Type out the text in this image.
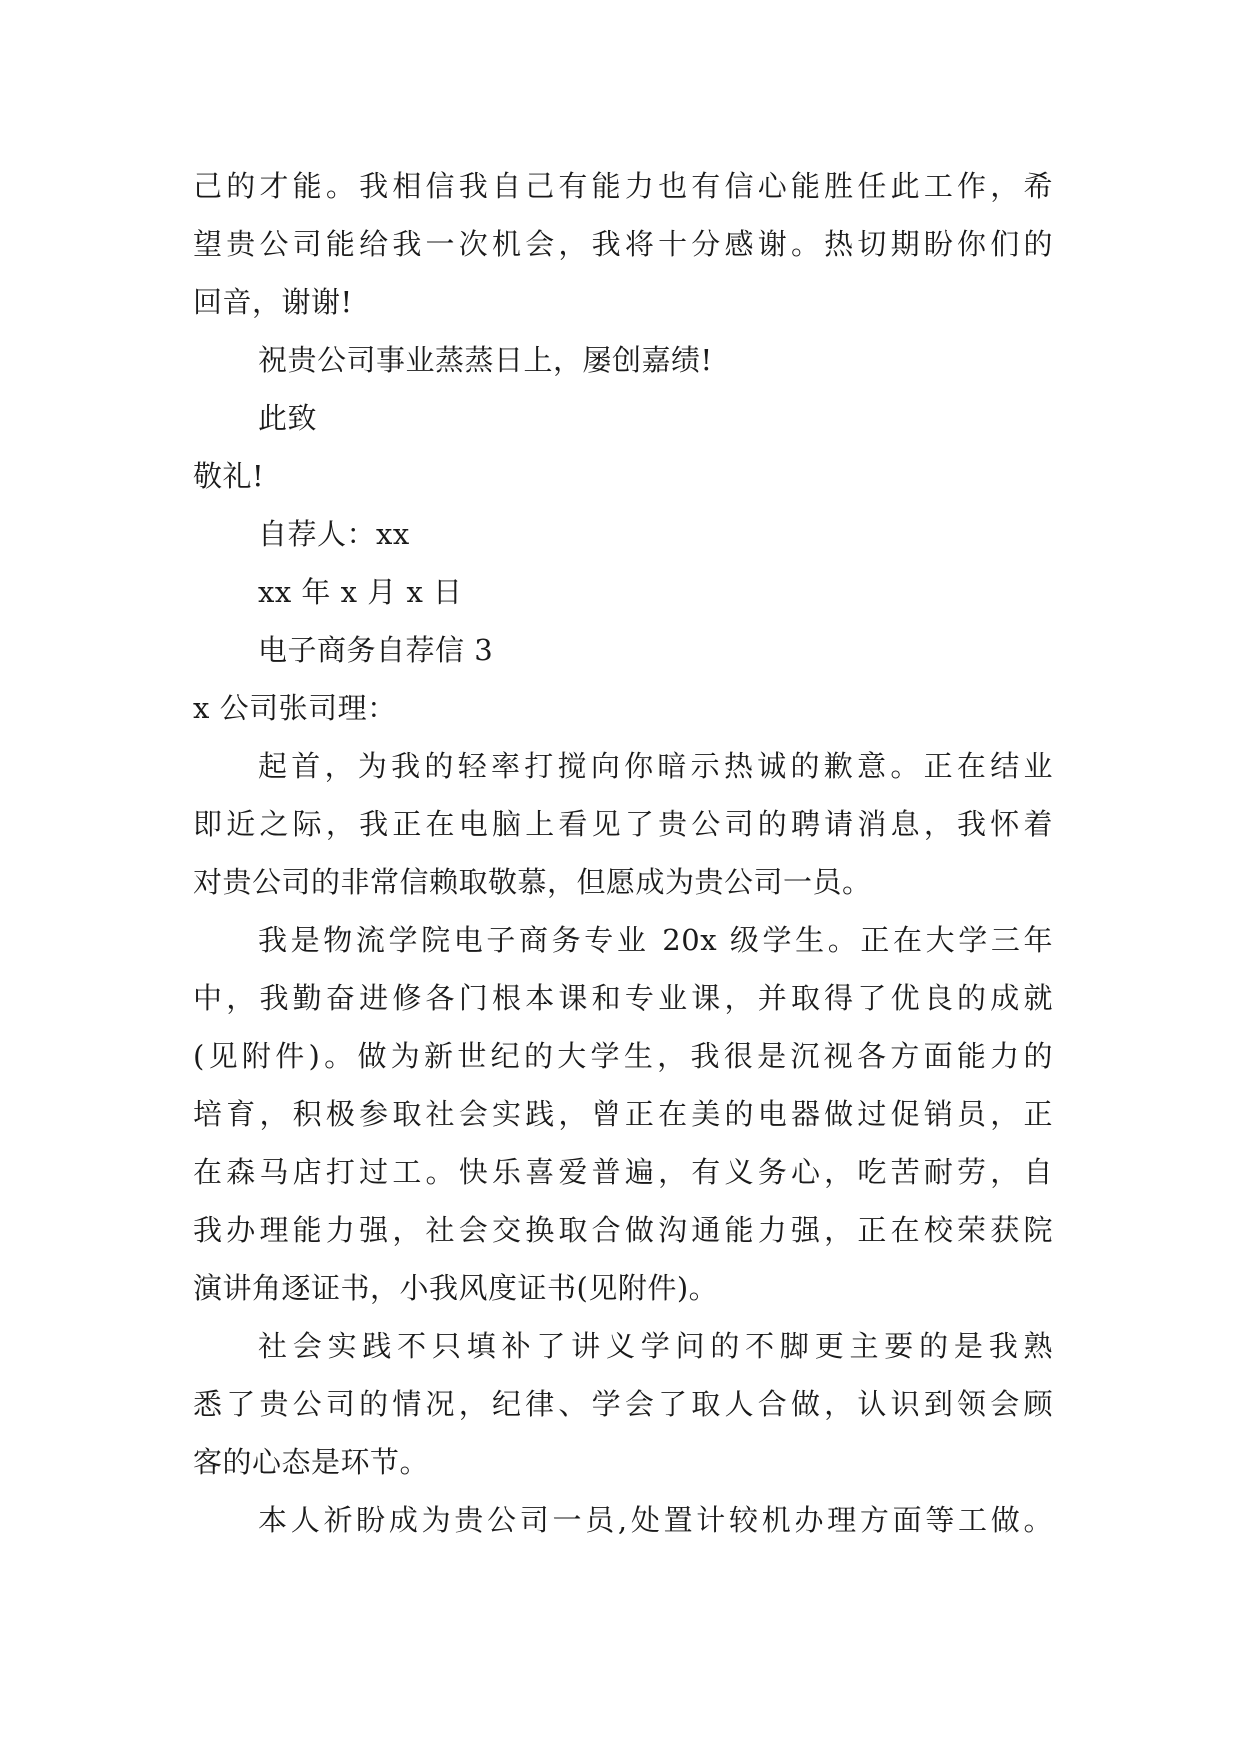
己的才能。我相信我自己有能力也有信心能胜任此工作，希
望贵公司能给我一次机会，我将十分感谢。热切期盼你们的
回音，谢谢!
祝贵公司事业蒸蒸日上，屡创嘉绩!
此致
敬礼!
自荐人：xx
xx 年 x 月 x 日
电子商务自荐信 3
x 公司张司理：
起首，为我的轻率打搅向你暗示热诚的歉意。正在结业
即近之际，我正在电脑上看见了贵公司的聘请消息，我怀着
对贵公司的非常信赖取敬慕，但愿成为贵公司一员。
我是物流学院电子商务专业 20x 级学生。正在大学三年
中，我勤奋进修各门根本课和专业课，并取得了优良的成就
(见附件)。做为新世纪的大学生，我很是沉视各方面能力的
培育，积极参取社会实践，曾正在美的电器做过促销员，正
在森马店打过工。快乐喜爱普遍，有义务心，吃苦耐劳，自
我办理能力强，社会交换取合做沟通能力强，正在校荣获院
演讲角逐证书，小我风度证书(见附件)。
社会实践不只填补了讲义学问的不脚更主要的是我熟
悉了贵公司的情况，纪律、学会了取人合做，认识到领会顾
客的心态是环节。
本人祈盼成为贵公司一员,处置计较机办理方面等工做。
